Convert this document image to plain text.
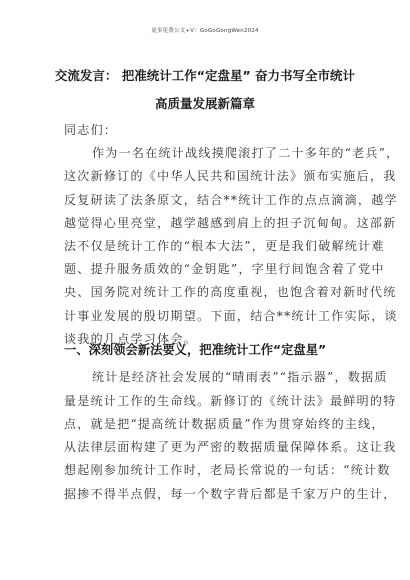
更多免费公文+V：GoGoGongWen2024
交流发言： 把准统计工作“定盘星” 奋力书写全市统计
高质量发展新篇章
同志们：
作为一名在统计战线摸爬滚打了二十多年的“老兵”，
这次新修订的《中华人民共和国统计法》颁布实施后，我
反复研读了法条原文，结合**统计工作的点点滴滴，越学
越觉得心里亮堂，越学越感到肩上的担子沉甸甸。这部新
法不仅是统计工作的“根本大法”，更是我们破解统计难
题、提升服务质效的“金钥匙”，字里行间饱含着了党中
央、国务院对统计工作的高度重视，也饱含着对新时代统
计事业发展的殷切期望。下面，结合**统计工作实际，谈
谈我的几点学习体会。
一、深刻领会新法要义，把准统计工作“定盘星”
统计是经济社会发展的“晴雨表”“指示器”，数据质
量是统计工作的生命线。新修订的《统计法》最鲜明的特
点，就是把“提高统计数据质量”作为贯穿始终的主线，
从法律层面构建了更为严密的数据质量保障体系。这让我
想起刚参加统计工作时，老局长常说的一句话：“统计数
据掺不得半点假，每一个数字背后都是千家万户的生计，
